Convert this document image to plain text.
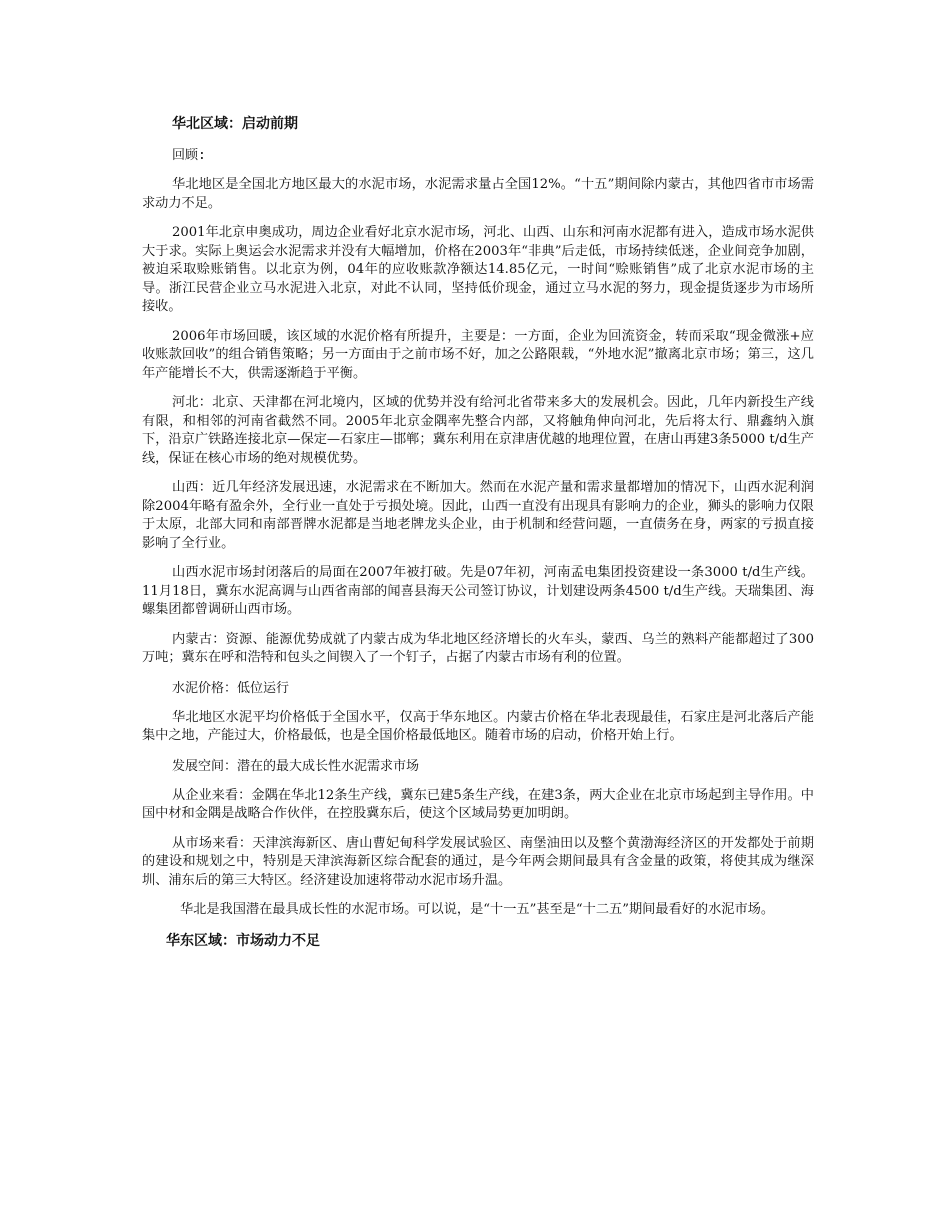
华北区域：启动前期
回顾:

华北地区是全国北方地区最大的水泥市场，水泥需求量占全国12%。“十五”期间除内蒙古，其他四省市市场需求动力不足。

2001年北京申奥成功，周边企业看好北京水泥市场，河北、山西、山东和河南水泥都有进入，造成市场水泥供大于求。实际上奥运会水泥需求并没有大幅增加，价格在2003年“非典”后走低，市场持续低迷，企业间竞争加剧，被迫采取赊账销售。以北京为例，04年的应收账款净额达14.85亿元，一时间“赊账销售”成了北京水泥市场的主导。浙江民营企业立马水泥进入北京，对此不认同，坚持低价现金，通过立马水泥的努力，现金提货逐步为市场所接收。

2006年市场回暖，该区域的水泥价格有所提升，主要是：一方面，企业为回流资金，转而采取“现金微涨+应收账款回收”的组合销售策略；另一方面由于之前市场不好，加之公路限载，“外地水泥”撤离北京市场；第三，这几年产能增长不大，供需逐渐趋于平衡。

河北：北京、天津都在河北境内，区域的优势并没有给河北省带来多大的发展机会。因此，几年内新投生产线有限，和相邻的河南省截然不同。2005年北京金隅率先整合内部，又将触角伸向河北，先后将太行、鼎鑫纳入旗下，沿京广铁路连接北京—保定—石家庄—邯郸；冀东利用在京津唐优越的地理位置，在唐山再建3条5000 t/d生产线，保证在核心市场的绝对规模优势。

山西：近几年经济发展迅速，水泥需求在不断加大。然而在水泥产量和需求量都增加的情况下，山西水泥利润除2004年略有盈余外，全行业一直处于亏损处境。因此，山西一直没有出现具有影响力的企业，狮头的影响力仅限于太原，北部大同和南部晋牌水泥都是当地老牌龙头企业，由于机制和经营问题，一直债务在身，两家的亏损直接影响了全行业。

山西水泥市场封闭落后的局面在2007年被打破。先是07年初，河南孟电集团投资建设一条3000 t/d生产线。11月18日，冀东水泥高调与山西省南部的闻喜县海天公司签订协议，计划建设两条4500 t/d生产线。天瑞集团、海螺集团都曾调研山西市场。

内蒙古：资源、能源优势成就了内蒙古成为华北地区经济增长的火车头，蒙西、乌兰的熟料产能都超过了300万吨；冀东在呼和浩特和包头之间锲入了一个钉子，占据了内蒙古市场有利的位置。

水泥价格：低位运行

华北地区水泥平均价格低于全国水平，仅高于华东地区。内蒙古价格在华北表现最佳，石家庄是河北落后产能集中之地，产能过大，价格最低，也是全国价格最低地区。随着市场的启动，价格开始上行。

发展空间：潜在的最大成长性水泥需求市场

从企业来看：金隅在华北12条生产线，冀东已建5条生产线，在建3条，两大企业在北京市场起到主导作用。中国中材和金隅是战略合作伙伴，在控股冀东后，使这个区域局势更加明朗。

从市场来看：天津滨海新区、唐山曹妃甸科学发展试验区、南堡油田以及整个黄渤海经济区的开发都处于前期的建设和规划之中，特别是天津滨海新区综合配套的通过，是今年两会期间最具有含金量的政策，将使其成为继深圳、浦东后的第三大特区。经济建设加速将带动水泥市场升温。

华北是我国潜在最具成长性的水泥市场。可以说，是“十一五”甚至是“十二五”期间最看好的水泥市场。

华东区域：市场动力不足
